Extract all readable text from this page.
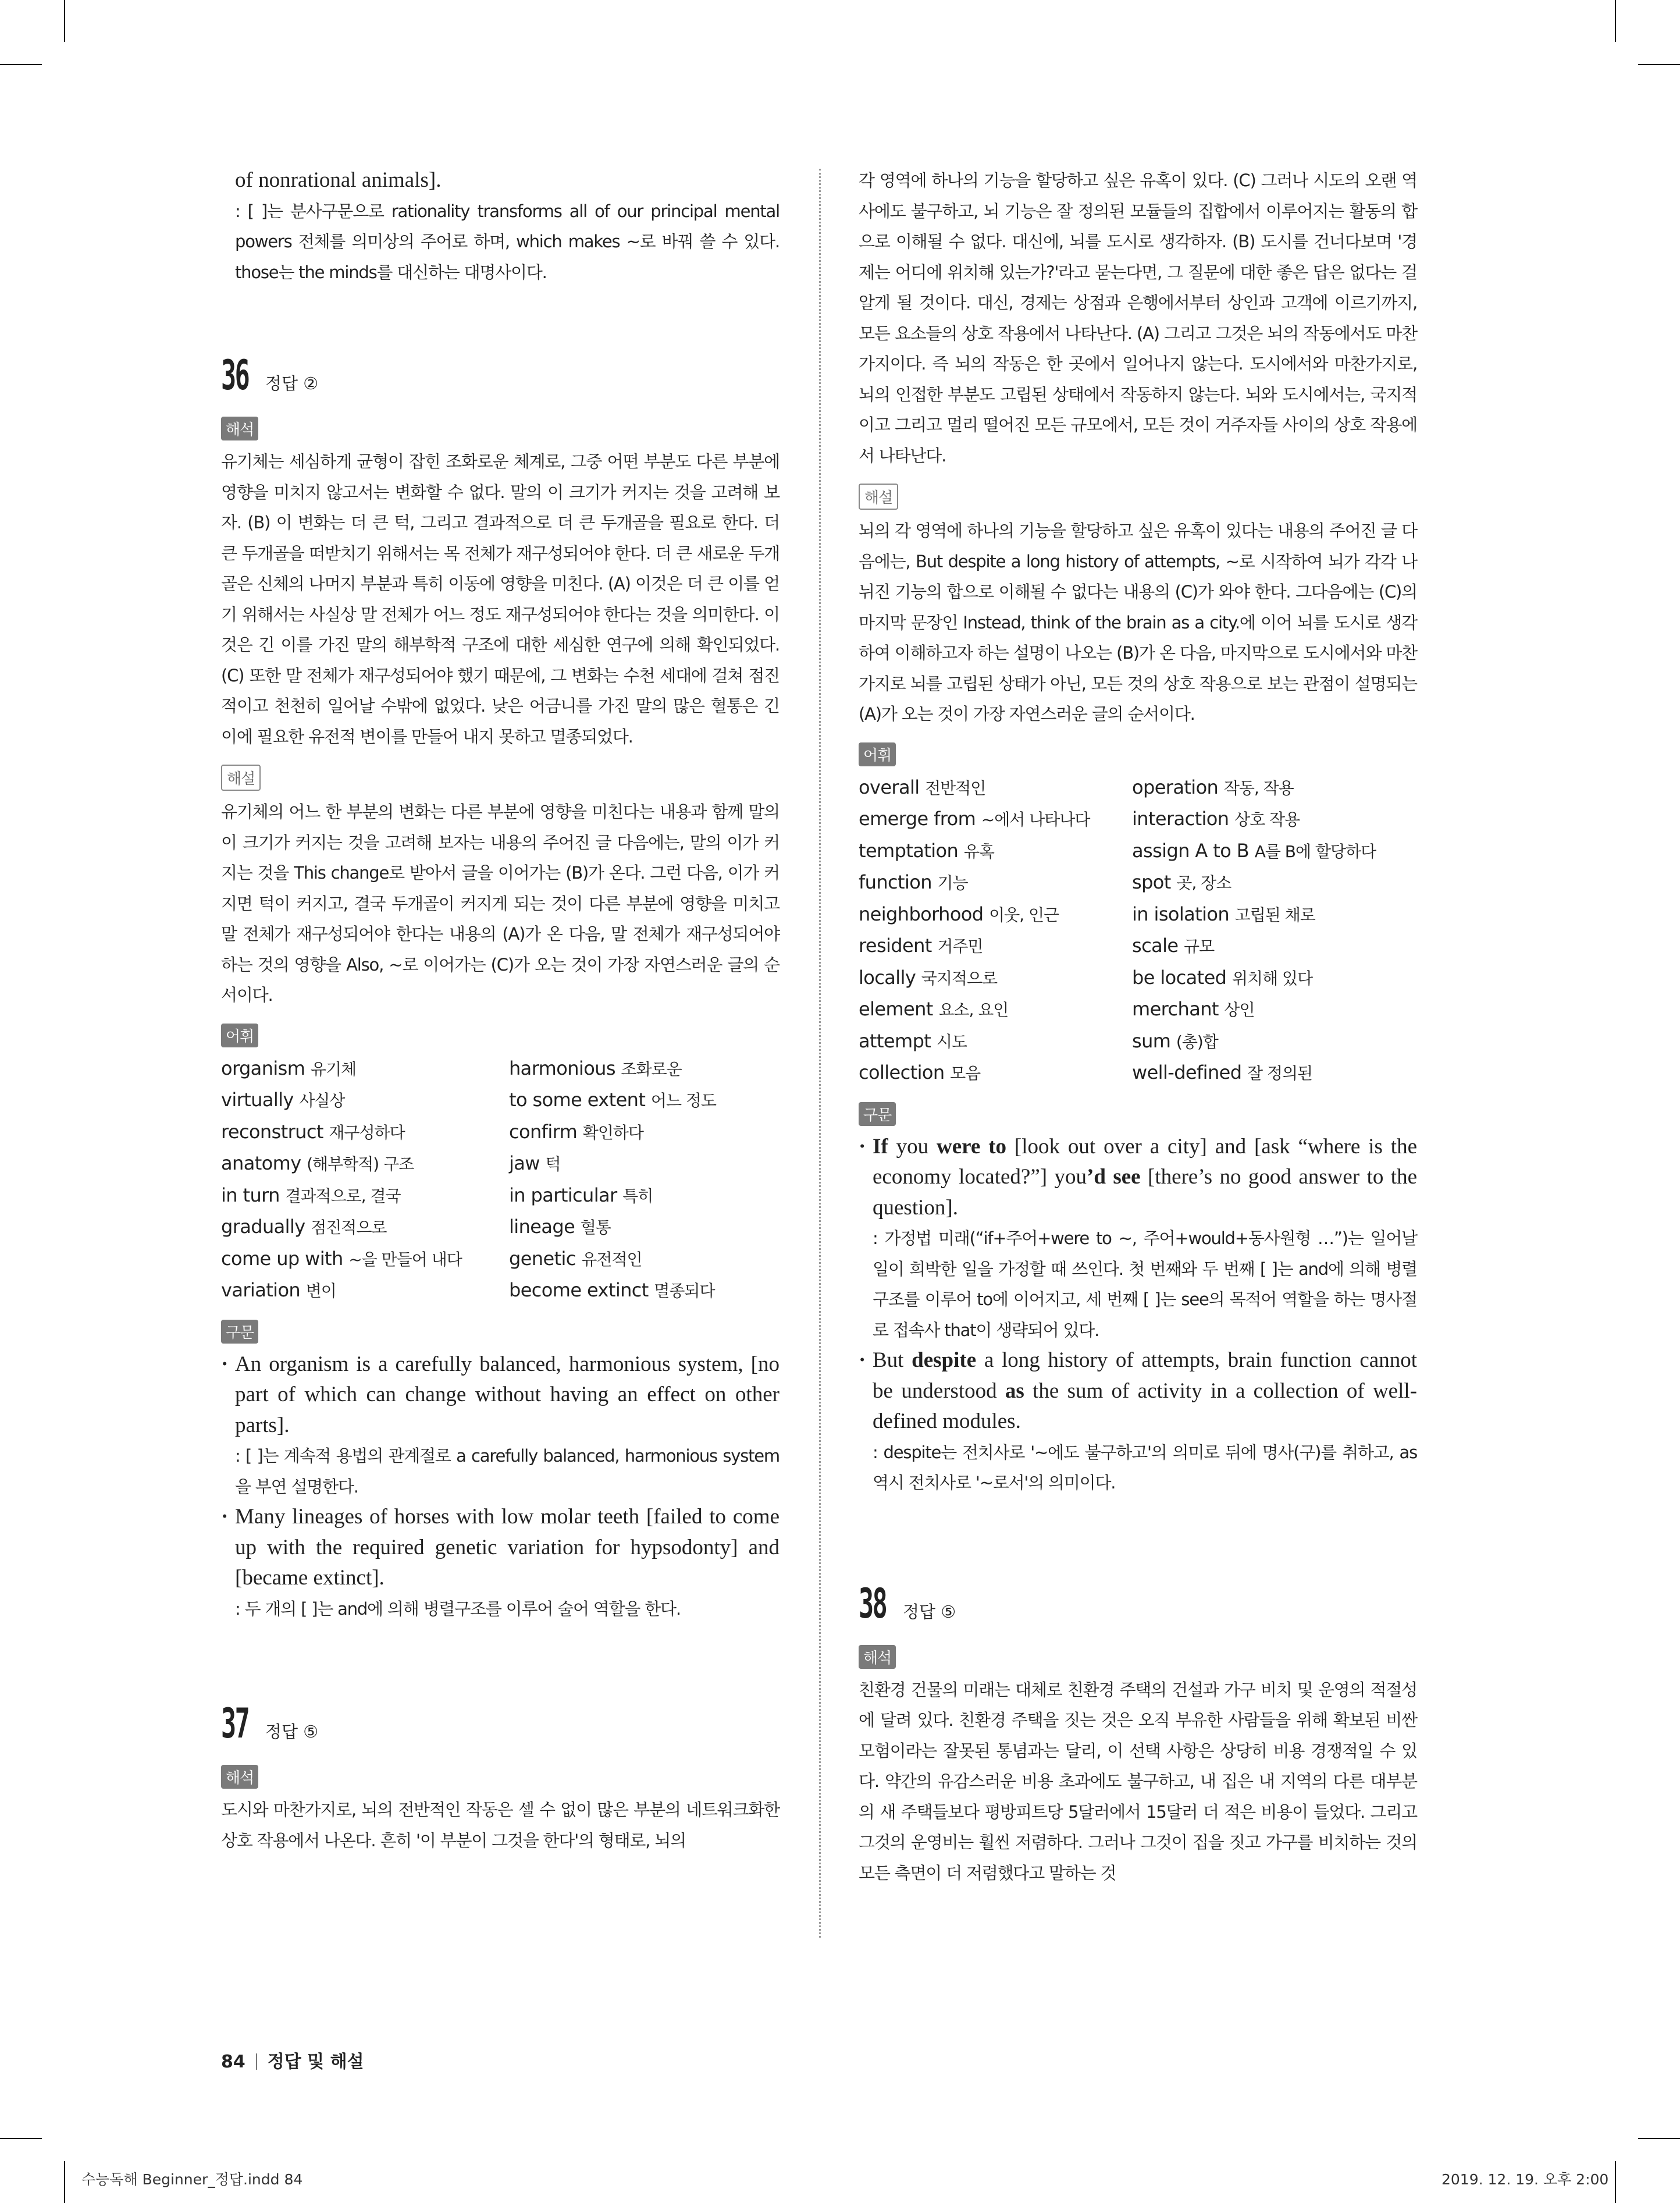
of nonrational animals].

: [ ]는 분사구문으로 rationality transforms all of our principal mental powers 전체를 의미상의 주어로 하며, which makes ~로 바꿔 쓸 수 있다. those는 the minds를 대신하는 대명사이다.

36 정답 ②
해석

유기체는 세심하게 균형이 잡힌 조화로운 체계로, 그중 어떤 부분도 다른 부분에 영향을 미치지 않고서는 변화할 수 없다. 말의 이 크기가 커지는 것을 고려해 보자. (B) 이 변화는 더 큰 턱, 그리고 결과적으로 더 큰 두개골을 필요로 한다. 더 큰 두개골을 떠받치기 위해서는 목 전체가 재구성되어야 한다. 더 큰 새로운 두개골은 신체의 나머지 부분과 특히 이동에 영향을 미친다. (A) 이것은 더 큰 이를 얻기 위해서는 사실상 말 전체가 어느 정도 재구성되어야 한다는 것을 의미한다. 이것은 긴 이를 가진 말의 해부학적 구조에 대한 세심한 연구에 의해 확인되었다. (C) 또한 말 전체가 재구성되어야 했기 때문에, 그 변화는 수천 세대에 걸쳐 점진적이고 천천히 일어날 수밖에 없었다. 낮은 어금니를 가진 말의 많은 혈통은 긴 이에 필요한 유전적 변이를 만들어 내지 못하고 멸종되었다.

해설

유기체의 어느 한 부분의 변화는 다른 부분에 영향을 미친다는 내용과 함께 말의 이 크기가 커지는 것을 고려해 보자는 내용의 주어진 글 다음에는, 말의 이가 커지는 것을 This change로 받아서 글을 이어가는 (B)가 온다. 그런 다음, 이가 커지면 턱이 커지고, 결국 두개골이 커지게 되는 것이 다른 부분에 영향을 미치고 말 전체가 재구성되어야 한다는 내용의 (A)가 온 다음, 말 전체가 재구성되어야 하는 것의 영향을 Also, ~로 이어가는 (C)가 오는 것이 가장 자연스러운 글의 순서이다.

어휘
organism 유기체	harmonious 조화로운
virtually 사실상	to some extent 어느 정도
reconstruct 재구성하다	confirm 확인하다
anatomy (해부학적) 구조	jaw 턱
in turn 결과적으로, 결국	in particular 특히
gradually 점진적으로	lineage 혈통
come up with ~을 만들어 내다	genetic 유전적인
variation 변이	become extinct 멸종되다
구문

· An organism is a carefully balanced, harmonious system, [no part of which can change without having an effect on other parts].

: [ ]는 계속적 용법의 관계절로 a carefully balanced, harmonious system을 부연 설명한다.

· Many lineages of horses with low molar teeth [failed to come up with the required genetic variation for hypsodonty] and [became extinct].

: 두 개의 [ ]는 and에 의해 병렬구조를 이루어 술어 역할을 한다.

37 정답 ⑤
해석

도시와 마찬가지로, 뇌의 전반적인 작동은 셀 수 없이 많은 부분의 네트워크화한 상호 작용에서 나온다. 흔히 '이 부분이 그것을 한다'의 형태로, 뇌의

각 영역에 하나의 기능을 할당하고 싶은 유혹이 있다. (C) 그러나 시도의 오랜 역사에도 불구하고, 뇌 기능은 잘 정의된 모듈들의 집합에서 이루어지는 활동의 합으로 이해될 수 없다. 대신에, 뇌를 도시로 생각하자. (B) 도시를 건너다보며 '경제는 어디에 위치해 있는가?'라고 묻는다면, 그 질문에 대한 좋은 답은 없다는 걸 알게 될 것이다. 대신, 경제는 상점과 은행에서부터 상인과 고객에 이르기까지, 모든 요소들의 상호 작용에서 나타난다. (A) 그리고 그것은 뇌의 작동에서도 마찬가지이다. 즉 뇌의 작동은 한 곳에서 일어나지 않는다. 도시에서와 마찬가지로, 뇌의 인접한 부분도 고립된 상태에서 작동하지 않는다. 뇌와 도시에서는, 국지적이고 그리고 멀리 떨어진 모든 규모에서, 모든 것이 거주자들 사이의 상호 작용에서 나타난다.

해설

뇌의 각 영역에 하나의 기능을 할당하고 싶은 유혹이 있다는 내용의 주어진 글 다음에는, But despite a long history of attempts, ~로 시작하여 뇌가 각각 나뉘진 기능의 합으로 이해될 수 없다는 내용의 (C)가 와야 한다. 그다음에는 (C)의 마지막 문장인 Instead, think of the brain as a city.에 이어 뇌를 도시로 생각하여 이해하고자 하는 설명이 나오는 (B)가 온 다음, 마지막으로 도시에서와 마찬가지로 뇌를 고립된 상태가 아닌, 모든 것의 상호 작용으로 보는 관점이 설명되는 (A)가 오는 것이 가장 자연스러운 글의 순서이다.

어휘
overall 전반적인	operation 작동, 작용
emerge from ~에서 나타나다	interaction 상호 작용
temptation 유혹	assign A to B A를 B에 할당하다
function 기능	spot 곳, 장소
neighborhood 이웃, 인근	in isolation 고립된 채로
resident 거주민	scale 규모
locally 국지적으로	be located 위치해 있다
element 요소, 요인	merchant 상인
attempt 시도	sum (총)합
collection 모음	well-defined 잘 정의된
구문

· If you were to [look out over a city] and [ask “where is the economy located?”] you’d see [there’s no good answer to the question].

: 가정법 미래(“if+주어+were to ~, 주어+would+동사원형 …”)는 일어날 일이 희박한 일을 가정할 때 쓰인다. 첫 번째와 두 번째 [ ]는 and에 의해 병렬구조를 이루어 to에 이어지고, 세 번째 [ ]는 see의 목적어 역할을 하는 명사절로 접속사 that이 생략되어 있다.

· But despite a long history of attempts, brain function cannot be understood as the sum of activity in a collection of well-defined modules.

: despite는 전치사로 '~에도 불구하고'의 의미로 뒤에 명사(구)를 취하고, as 역시 전치사로 '~로서'의 의미이다.

38 정답 ⑤
해석

친환경 건물의 미래는 대체로 친환경 주택의 건설과 가구 비치 및 운영의 적절성에 달려 있다. 친환경 주택을 짓는 것은 오직 부유한 사람들을 위해 확보된 비싼 모험이라는 잘못된 통념과는 달리, 이 선택 사항은 상당히 비용 경쟁적일 수 있다. 약간의 유감스러운 비용 초과에도 불구하고, 내 집은 내 지역의 다른 대부분의 새 주택들보다 평방피트당 5달러에서 15달러 더 적은 비용이 들었다. 그리고 그것의 운영비는 훨씬 저렴하다. 그러나 그것이 집을 짓고 가구를 비치하는 것의 모든 측면이 더 저렴했다고 말하는 것

84 정답 및 해설
수능독해 Beginner_정답.indd 84	2019. 12. 19. 오후 2:00
